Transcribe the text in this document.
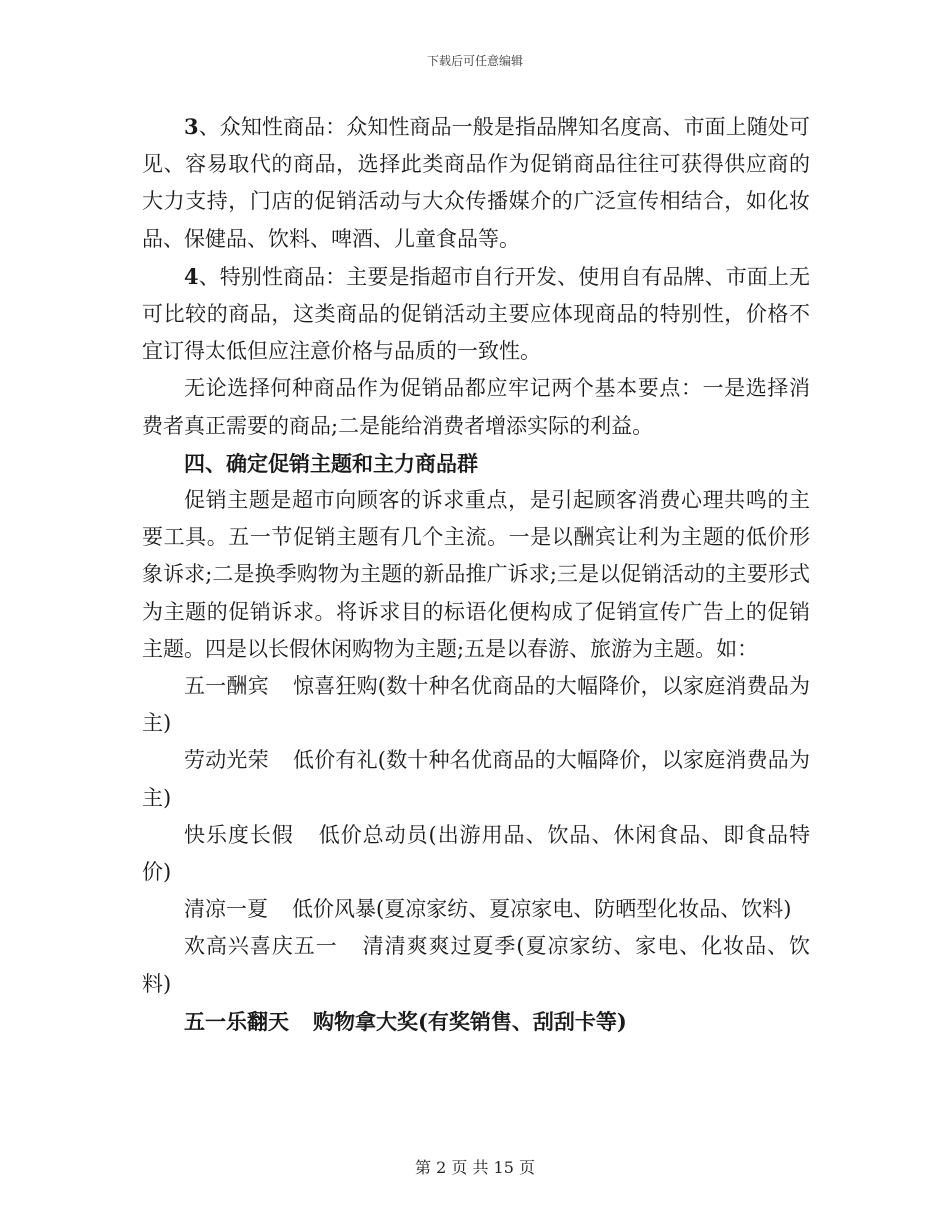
下载后可任意编辑

3、众知性商品：众知性商品一般是指品牌知名度高、市面上随处可见、容易取代的商品，选择此类商品作为促销商品往往可获得供应商的大力支持，门店的促销活动与大众传播媒介的广泛宣传相结合，如化妆品、保健品、饮料、啤酒、儿童食品等。

4、特别性商品：主要是指超市自行开发、使用自有品牌、市面上无可比较的商品，这类商品的促销活动主要应体现商品的特别性，价格不宜订得太低但应注意价格与品质的一致性。

无论选择何种商品作为促销品都应牢记两个基本要点：一是选择消费者真正需要的商品;二是能给消费者增添实际的利益。

四、确定促销主题和主力商品群

促销主题是超市向顾客的诉求重点，是引起顾客消费心理共鸣的主要工具。五一节促销主题有几个主流。一是以酬宾让利为主题的低价形象诉求;二是换季购物为主题的新品推广诉求;三是以促销活动的主要形式为主题的促销诉求。将诉求目的标语化便构成了促销宣传广告上的促销主题。四是以长假休闲购物为主题;五是以春游、旅游为主题。如：

五一酬宾 惊喜狂购(数十种名优商品的大幅降价，以家庭消费品为主)

劳动光荣 低价有礼(数十种名优商品的大幅降价，以家庭消费品为主)

快乐度长假 低价总动员(出游用品、饮品、休闲食品、即食品特价)

清凉一夏 低价风暴(夏凉家纺、夏凉家电、防晒型化妆品、饮料)

欢高兴喜庆五一 清清爽爽过夏季(夏凉家纺、家电、化妆品、饮料)

五一乐翻天 购物拿大奖(有奖销售、刮刮卡等)

第 2 页 共 15 页
